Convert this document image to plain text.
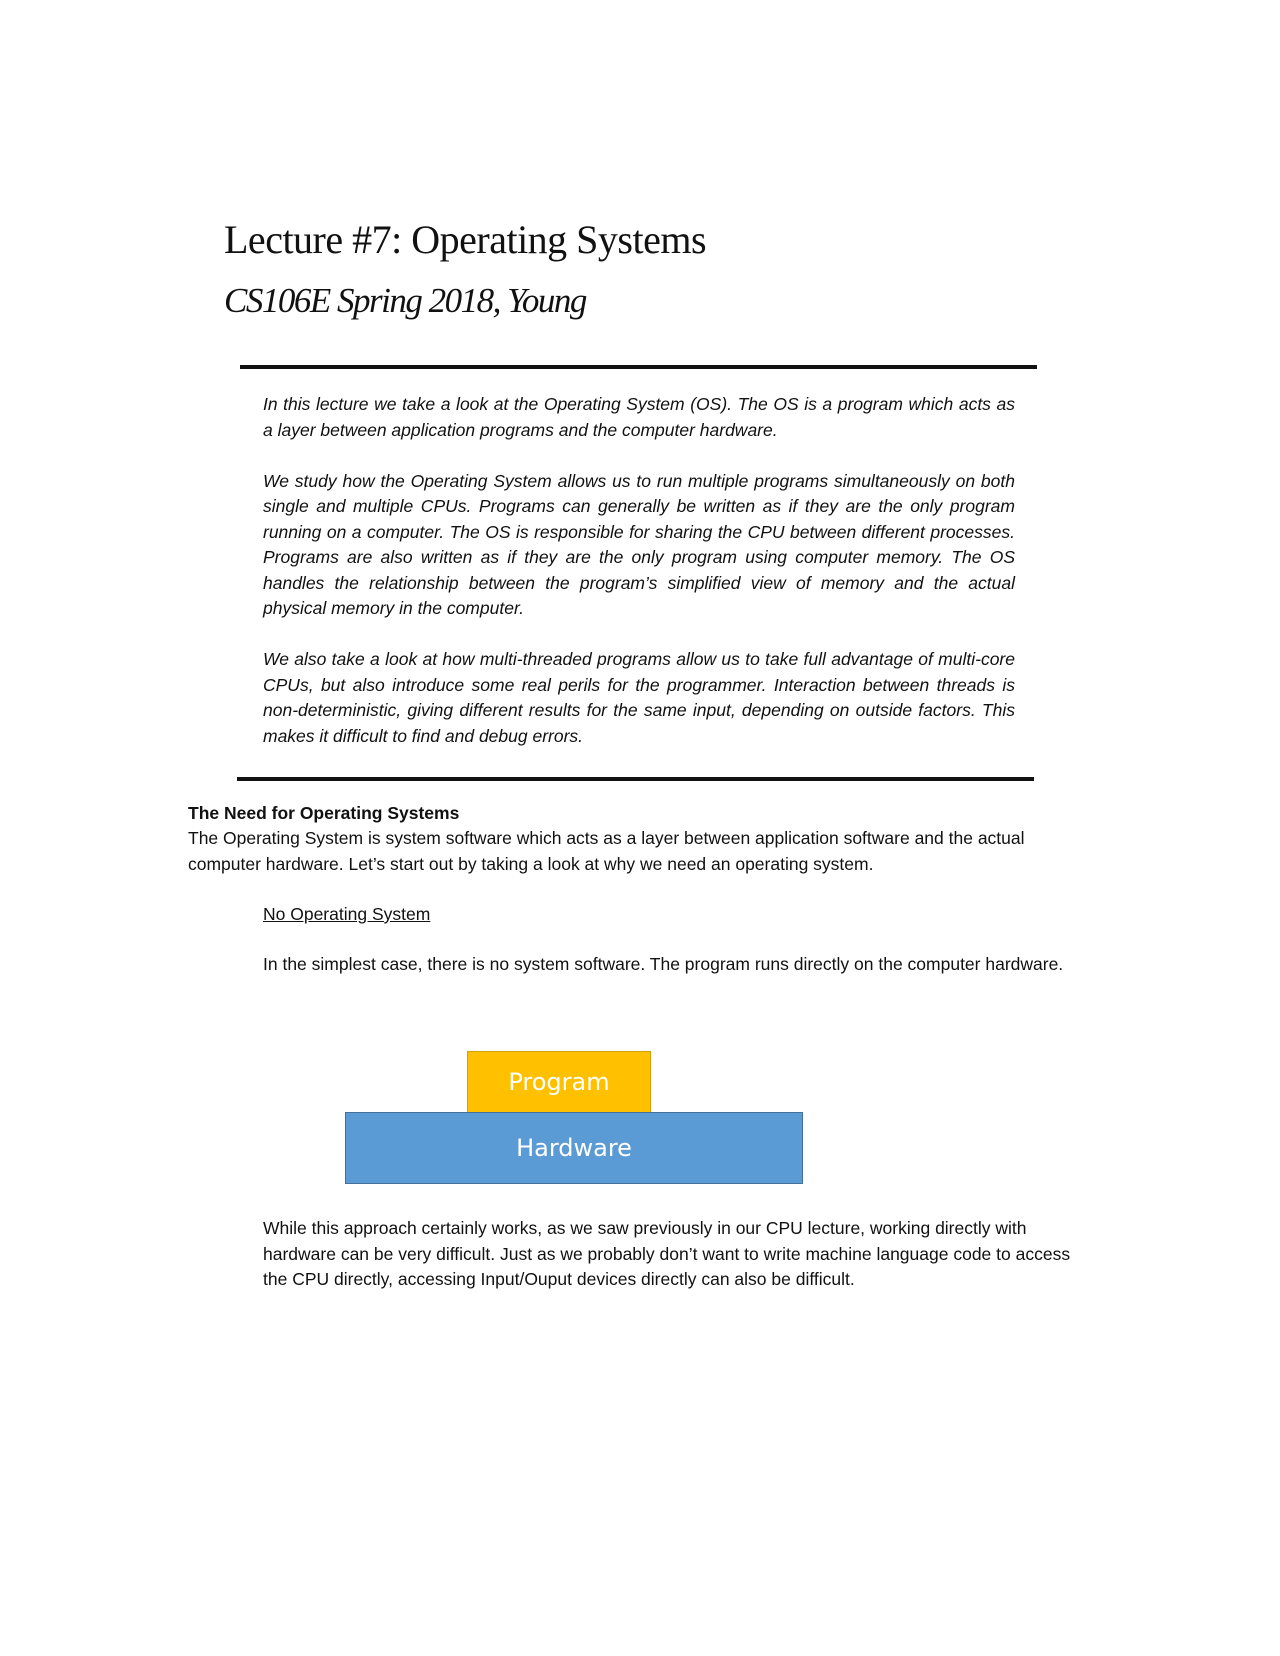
Lecture #7: Operating Systems
CS106E Spring 2018, Young

In this lecture we take a look at the Operating System (OS). The OS is a program which acts as a layer between application programs and the computer hardware.

We study how the Operating System allows us to run multiple programs simultaneously on both single and multiple CPUs. Programs can generally be written as if they are the only program running on a computer. The OS is responsible for sharing the CPU between different processes. Programs are also written as if they are the only program using computer memory. The OS handles the relationship between the program’s simplified view of memory and the actual physical memory in the computer.

We also take a look at how multi-threaded programs allow us to take full advantage of multi-core CPUs, but also introduce some real perils for the programmer. Interaction between threads is non-deterministic, giving different results for the same input, depending on outside factors. This makes it difficult to find and debug errors.

The Need for Operating Systems

The Operating System is system software which acts as a layer between application software and the actual computer hardware. Let’s start out by taking a look at why we need an operating system.

No Operating System

In the simplest case, there is no system software. The program runs directly on the computer hardware.

Program
Hardware

While this approach certainly works, as we saw previously in our CPU lecture, working directly with hardware can be very difficult. Just as we probably don’t want to write machine language code to access the CPU directly, accessing Input/Ouput devices directly can also be difficult.
